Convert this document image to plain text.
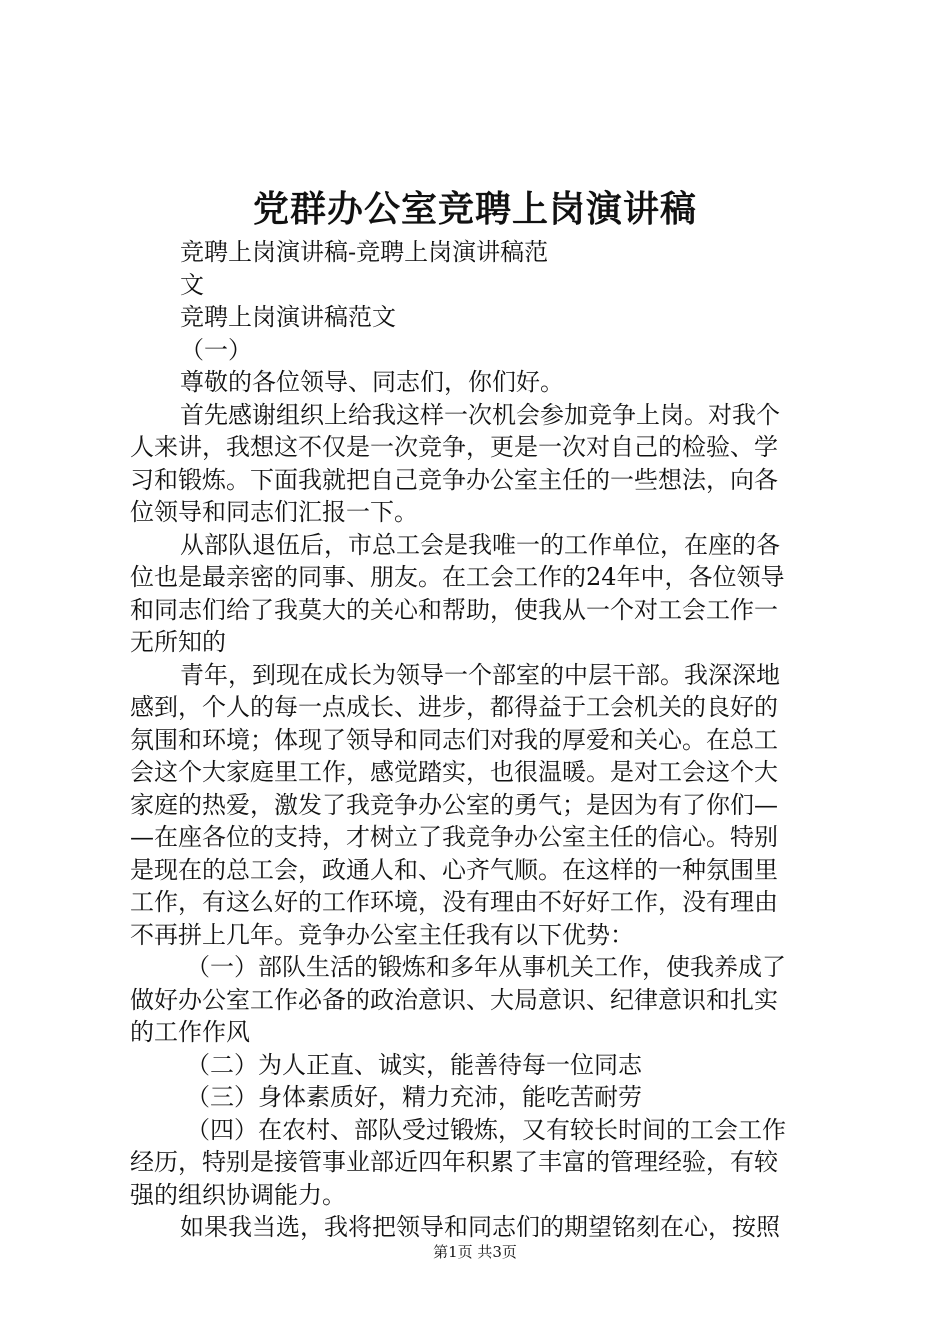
党群办公室竞聘上岗演讲稿
竞聘上岗演讲稿-竞聘上岗演讲稿范
文
竞聘上岗演讲稿范文
（一）
尊敬的各位领导、同志们，你们好。
首先感谢组织上给我这样一次机会参加竞争上岗。对我个
人来讲，我想这不仅是一次竞争，更是一次对自己的检验、学
习和锻炼。下面我就把自己竞争办公室主任的一些想法，向各
位领导和同志们汇报一下。
从部队退伍后，市总工会是我唯一的工作单位，在座的各
位也是最亲密的同事、朋友。在工会工作的24年中，各位领导
和同志们给了我莫大的关心和帮助，使我从一个对工会工作一
无所知的
青年，到现在成长为领导一个部室的中层干部。我深深地
感到，个人的每一点成长、进步，都得益于工会机关的良好的
氛围和环境；体现了领导和同志们对我的厚爱和关心。在总工
会这个大家庭里工作，感觉踏实，也很温暖。是对工会这个大
家庭的热爱，激发了我竞争办公室的勇气；是因为有了你们—
—在座各位的支持，才树立了我竞争办公室主任的信心。特别
是现在的总工会，政通人和、心齐气顺。在这样的一种氛围里
工作，有这么好的工作环境，没有理由不好好工作，没有理由
不再拼上几年。竞争办公室主任我有以下优势：
（一）部队生活的锻炼和多年从事机关工作，使我养成了
做好办公室工作必备的政治意识、大局意识、纪律意识和扎实
的工作作风
（二）为人正直、诚实，能善待每一位同志
（三）身体素质好，精力充沛，能吃苦耐劳
（四）在农村、部队受过锻炼，又有较长时间的工会工作
经历，特别是接管事业部近四年积累了丰富的管理经验，有较
强的组织协调能力。
如果我当选，我将把领导和同志们的期望铭刻在心，按照
第1页 共3页
